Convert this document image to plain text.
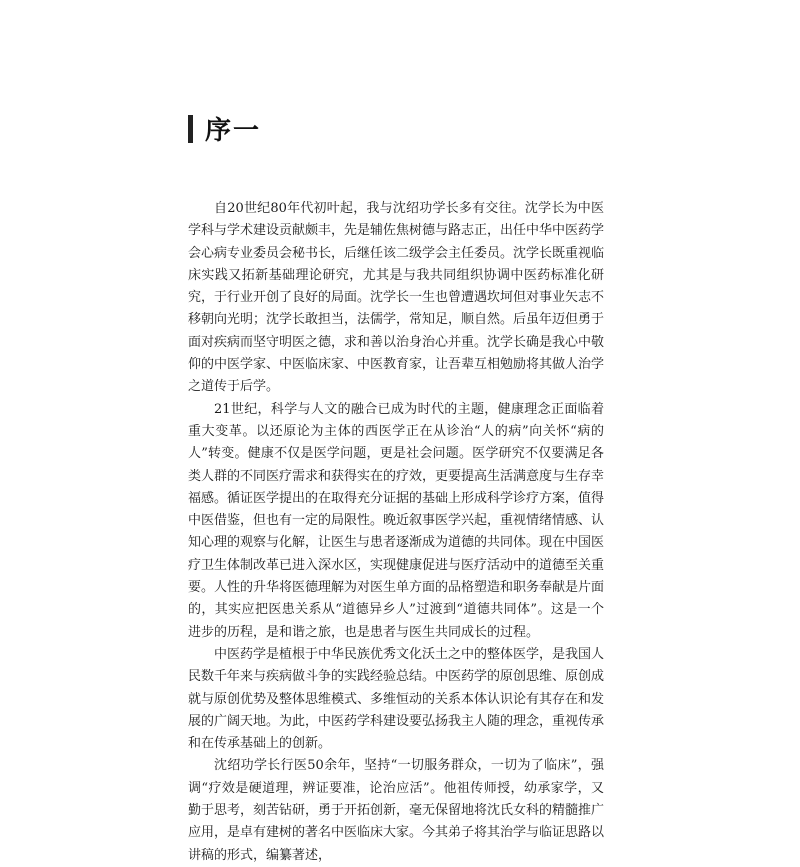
序一

自20世纪80年代初叶起，我与沈绍功学长多有交往。沈学长为中医学科与学术建设贡献颇丰，先是辅佐焦树德与路志正，出任中华中医药学会心病专业委员会秘书长，后继任该二级学会主任委员。沈学长既重视临床实践又拓新基础理论研究，尤其是与我共同组织协调中医药标准化研究，于行业开创了良好的局面。沈学长一生也曾遭遇坎坷但对事业矢志不移朝向光明；沈学长敢担当，法儒学，常知足，顺自然。后虽年迈但勇于面对疾病而坚守明医之德，求和善以治身治心并重。沈学长确是我心中敬仰的中医学家、中医临床家、中医教育家，让吾辈互相勉励将其做人治学之道传于后学。

21世纪，科学与人文的融合已成为时代的主题，健康理念正面临着重大变革。以还原论为主体的西医学正在从诊治“人的病”向关怀“病的人”转变。健康不仅是医学问题，更是社会问题。医学研究不仅要满足各类人群的不同医疗需求和获得实在的疗效，更要提高生活满意度与生存幸福感。循证医学提出的在取得充分证据的基础上形成科学诊疗方案，值得中医借鉴，但也有一定的局限性。晚近叙事医学兴起，重视情绪情感、认知心理的观察与化解，让医生与患者逐渐成为道德的共同体。现在中国医疗卫生体制改革已进入深水区，实现健康促进与医疗活动中的道德至关重要。人性的升华将医德理解为对医生单方面的品格塑造和职务奉献是片面的，其实应把医患关系从“道德异乡人”过渡到“道德共同体”。这是一个进步的历程，是和谐之旅，也是患者与医生共同成长的过程。

中医药学是植根于中华民族优秀文化沃土之中的整体医学，是我国人民数千年来与疾病做斗争的实践经验总结。中医药学的原创思维、原创成就与原创优势及整体思维模式、多维恒动的关系本体认识论有其存在和发展的广阔天地。为此，中医药学科建设要弘扬我主人随的理念，重视传承和在传承基础上的创新。

沈绍功学长行医50余年，坚持“一切服务群众，一切为了临床”，强调“疗效是硬道理，辨证要准，论治应活”。他祖传师授，幼承家学，又勤于思考，刻苦钻研，勇于开拓创新，毫无保留地将沈氏女科的精髓推广应用，是卓有建树的著名中医临床大家。今其弟子将其治学与临证思路以讲稿的形式，编纂著述，
